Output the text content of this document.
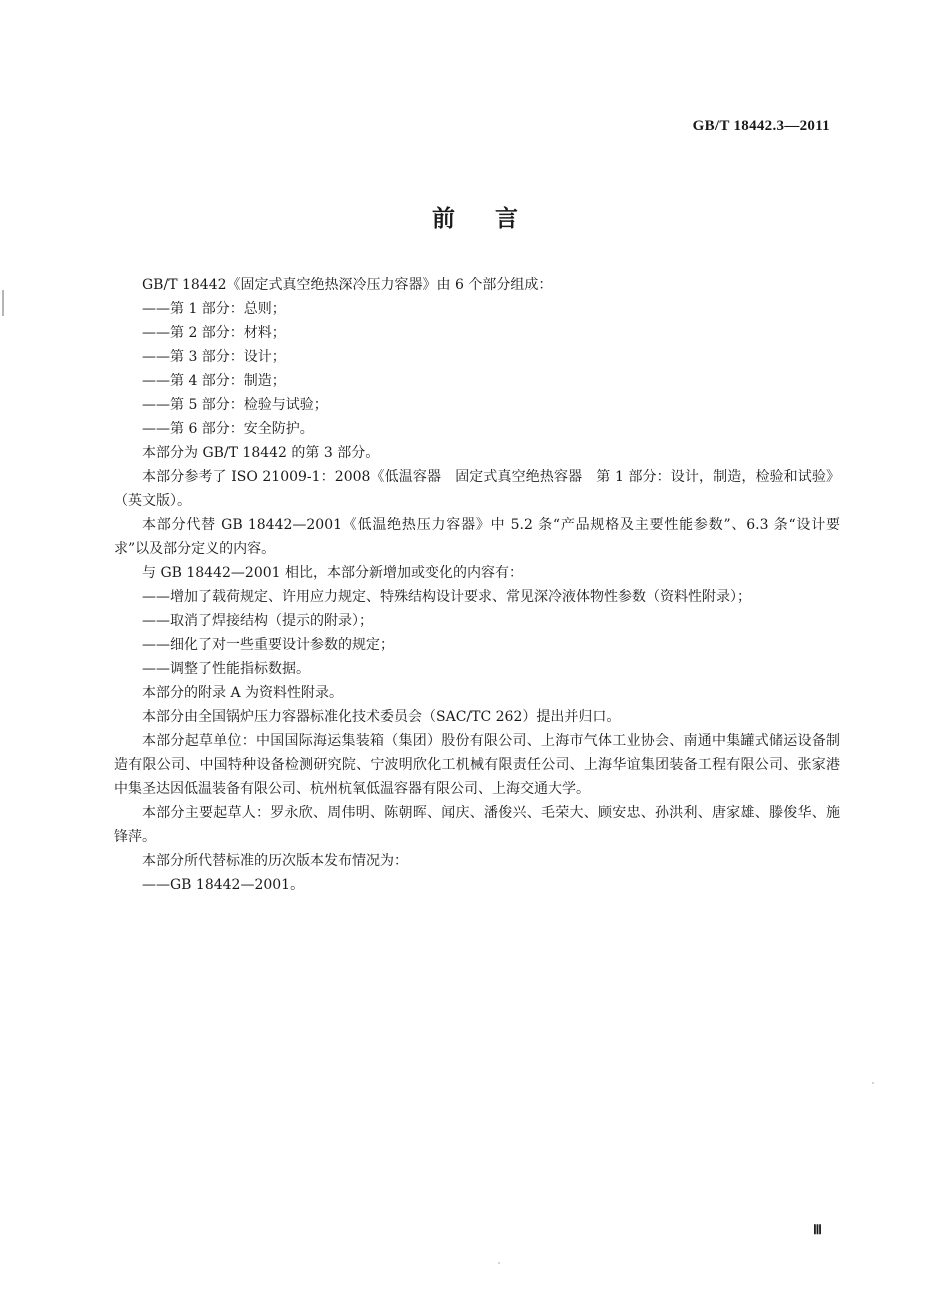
GB/T 18442.3—2011
前言

GB/T 18442《固定式真空绝热深冷压力容器》由 6 个部分组成：

——第 1 部分：总则；

——第 2 部分：材料；

——第 3 部分：设计；

——第 4 部分：制造；

——第 5 部分：检验与试验；

——第 6 部分：安全防护。

本部分为 GB/T 18442 的第 3 部分。

本部分参考了 ISO 21009-1：2008《低温容器　固定式真空绝热容器　第 1 部分：设计，制造，检验和试验》（英文版）。

本部分代替 GB 18442—2001《低温绝热压力容器》中 5.2 条“产品规格及主要性能参数”、6.3 条“设计要求”以及部分定义的内容。

与 GB 18442—2001 相比，本部分新增加或变化的内容有：

——增加了载荷规定、许用应力规定、特殊结构设计要求、常见深冷液体物性参数（资料性附录）；

——取消了焊接结构（提示的附录）；

——细化了对一些重要设计参数的规定；

——调整了性能指标数据。

本部分的附录 A 为资料性附录。

本部分由全国锅炉压力容器标准化技术委员会（SAC/TC 262）提出并归口。

本部分起草单位：中国国际海运集装箱（集团）股份有限公司、上海市气体工业协会、南通中集罐式储运设备制造有限公司、中国特种设备检测研究院、宁波明欣化工机械有限责任公司、上海华谊集团装备工程有限公司、张家港中集圣达因低温装备有限公司、杭州杭氧低温容器有限公司、上海交通大学。

本部分主要起草人：罗永欣、周伟明、陈朝晖、闻庆、潘俊兴、毛荣大、顾安忠、孙洪利、唐家雄、滕俊华、施锋萍。

本部分所代替标准的历次版本发布情况为：

——GB 18442—2001。

Ⅲ
